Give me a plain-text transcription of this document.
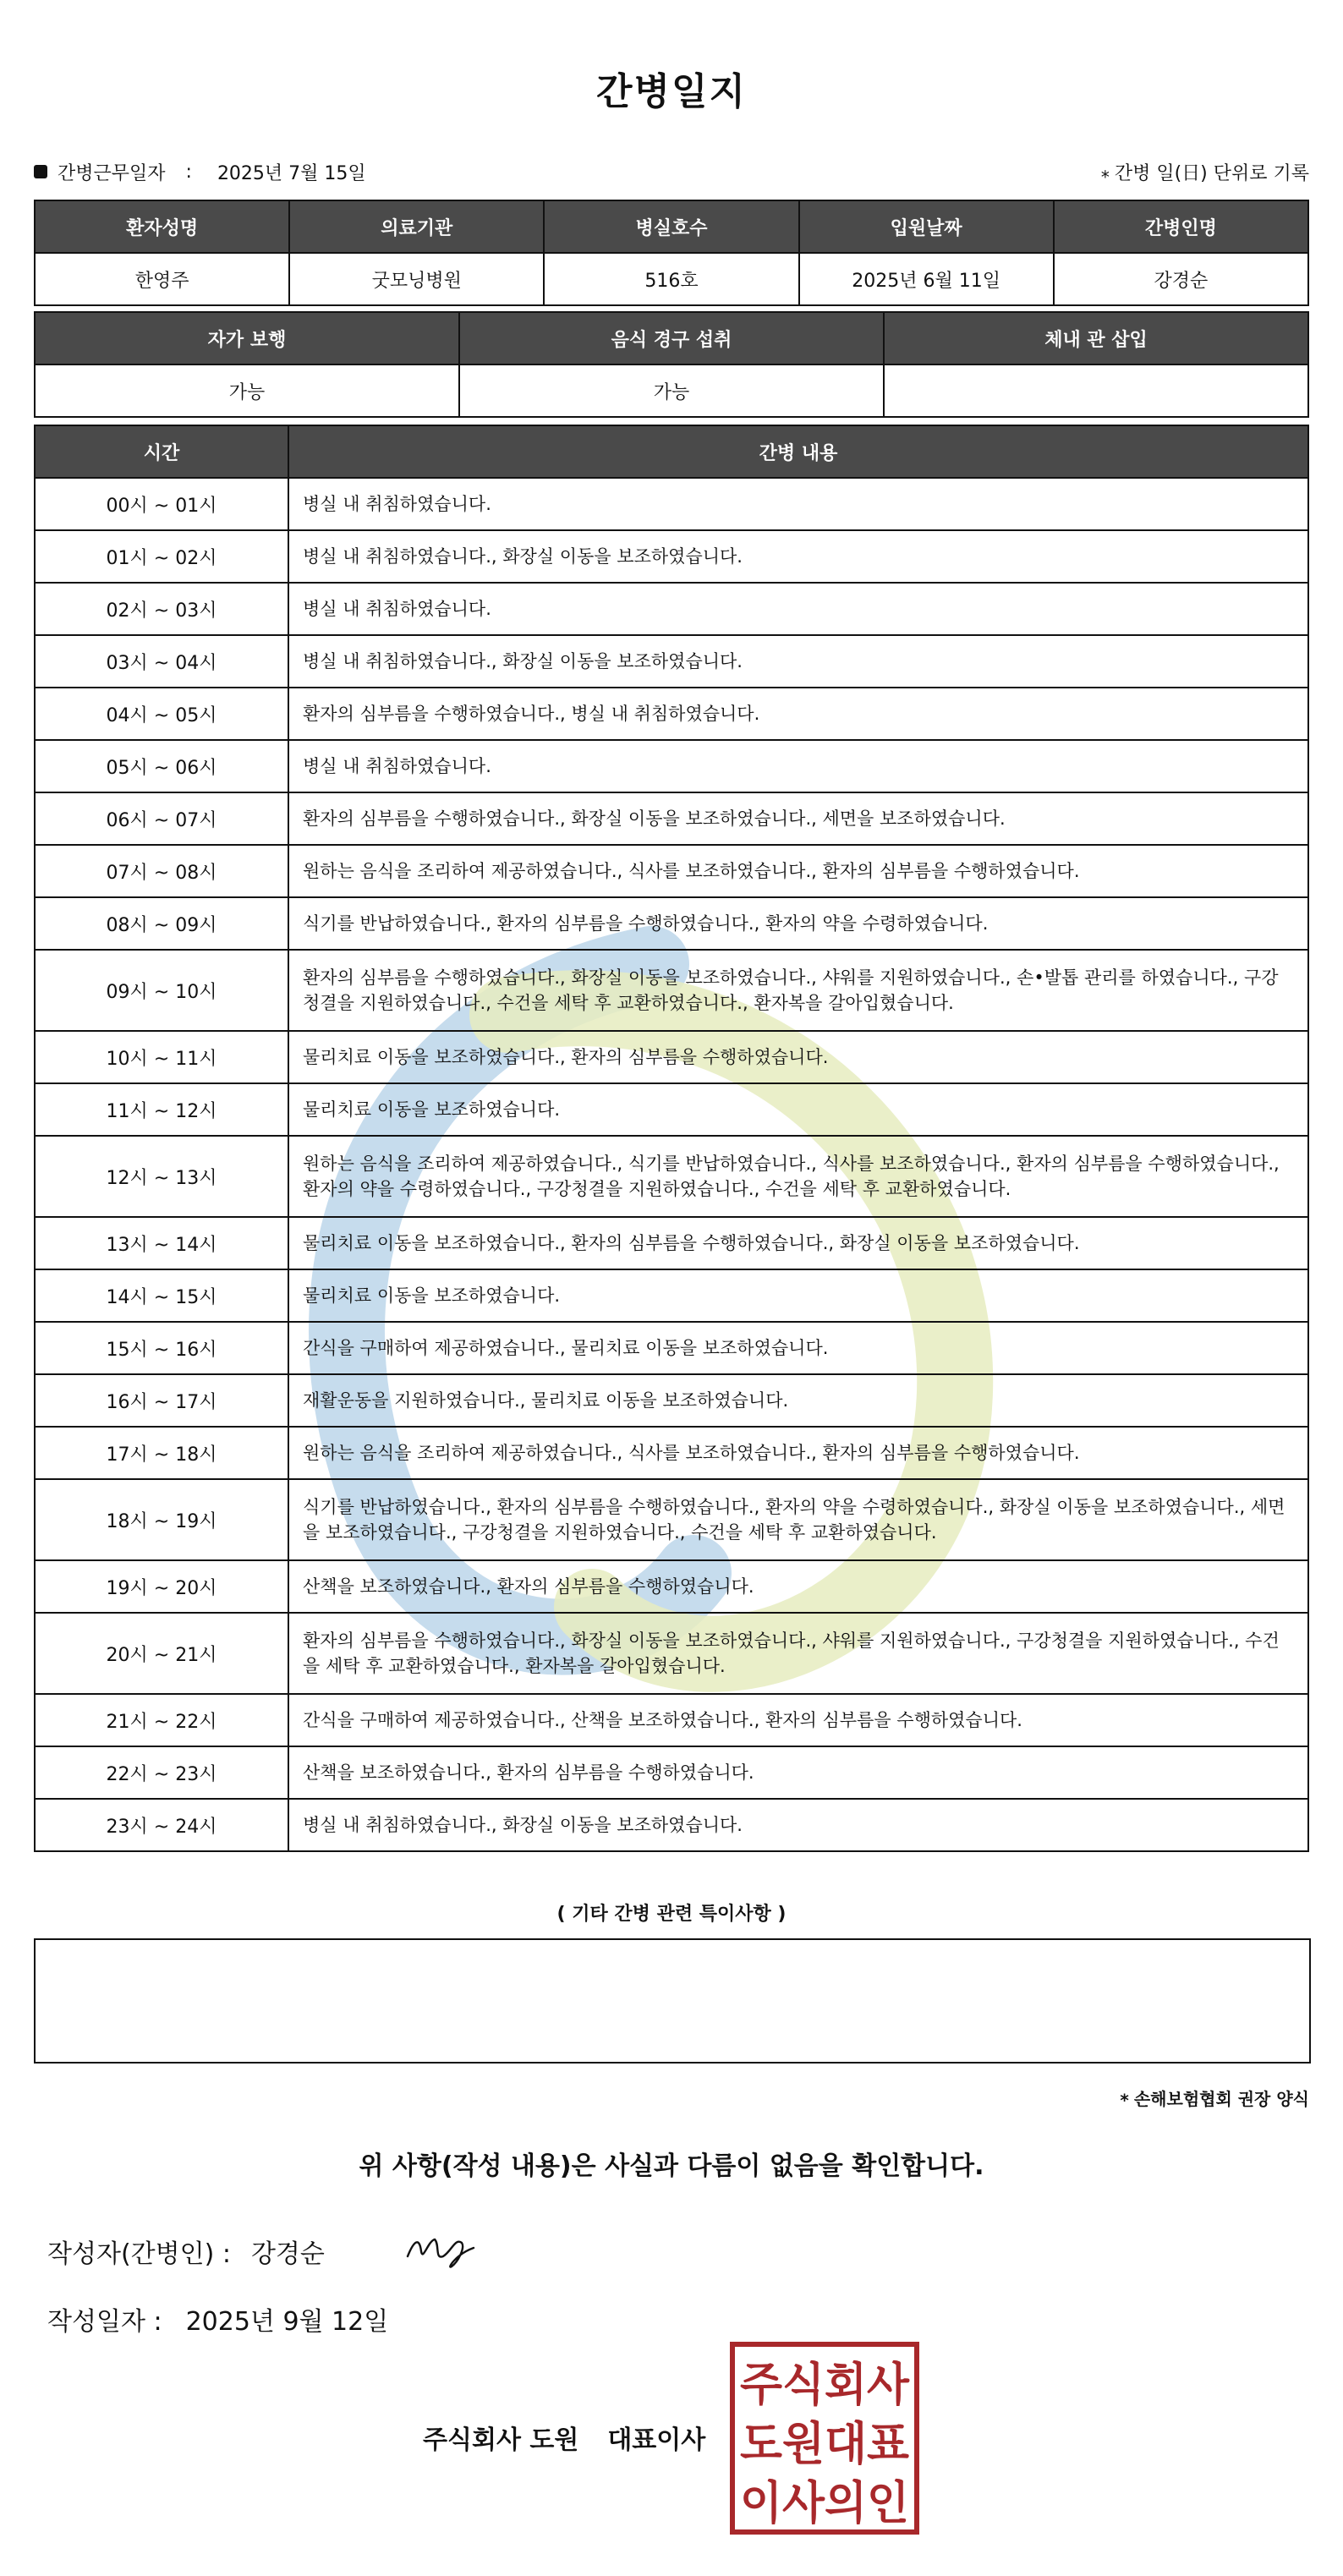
간병일지
간병근무일자 : 2025년 7월 15일	⁎ 간병 일(日) 단위로 기록
환자성명	의료기관	병실호수	입원날짜	간병인명
한영주	굿모닝병원	516호	2025년 6월 11일	강경순
자가 보행	음식 경구 섭취	체내 관 삽입
가능	가능	
시간	간병 내용
00시 ~ 01시	병실 내 취침하였습니다.
01시 ~ 02시	병실 내 취침하였습니다., 화장실 이동을 보조하였습니다.
02시 ~ 03시	병실 내 취침하였습니다.
03시 ~ 04시	병실 내 취침하였습니다., 화장실 이동을 보조하였습니다.
04시 ~ 05시	환자의 심부름을 수행하였습니다., 병실 내 취침하였습니다.
05시 ~ 06시	병실 내 취침하였습니다.
06시 ~ 07시	환자의 심부름을 수행하였습니다., 화장실 이동을 보조하였습니다., 세면을 보조하였습니다.
07시 ~ 08시	원하는 음식을 조리하여 제공하였습니다., 식사를 보조하였습니다., 환자의 심부름을 수행하였습니다.
08시 ~ 09시	식기를 반납하였습니다., 환자의 심부름을 수행하였습니다., 환자의 약을 수령하였습니다.
09시 ~ 10시	환자의 심부름을 수행하였습니다., 화장실 이동을 보조하였습니다., 샤워를 지원하였습니다., 손•발톱 관리를 하였습니다., 구강청결을 지원하였습니다., 수건을 세탁 후 교환하였습니다., 환자복을 갈아입혔습니다.
10시 ~ 11시	물리치료 이동을 보조하였습니다., 환자의 심부름을 수행하였습니다.
11시 ~ 12시	물리치료 이동을 보조하였습니다.
12시 ~ 13시	원하는 음식을 조리하여 제공하였습니다., 식기를 반납하였습니다., 식사를 보조하였습니다., 환자의 심부름을 수행하였습니다., 환자의 약을 수령하였습니다., 구강청결을 지원하였습니다., 수건을 세탁 후 교환하였습니다.
13시 ~ 14시	물리치료 이동을 보조하였습니다., 환자의 심부름을 수행하였습니다., 화장실 이동을 보조하였습니다.
14시 ~ 15시	물리치료 이동을 보조하였습니다.
15시 ~ 16시	간식을 구매하여 제공하였습니다., 물리치료 이동을 보조하였습니다.
16시 ~ 17시	재활운동을 지원하였습니다., 물리치료 이동을 보조하였습니다.
17시 ~ 18시	원하는 음식을 조리하여 제공하였습니다., 식사를 보조하였습니다., 환자의 심부름을 수행하였습니다.
18시 ~ 19시	식기를 반납하였습니다., 환자의 심부름을 수행하였습니다., 환자의 약을 수령하였습니다., 화장실 이동을 보조하였습니다., 세면을 보조하였습니다., 구강청결을 지원하였습니다., 수건을 세탁 후 교환하였습니다.
19시 ~ 20시	산책을 보조하였습니다., 환자의 심부름을 수행하였습니다.
20시 ~ 21시	환자의 심부름을 수행하였습니다., 화장실 이동을 보조하였습니다., 샤워를 지원하였습니다., 구강청결을 지원하였습니다., 수건을 세탁 후 교환하였습니다., 환자복을 갈아입혔습니다.
21시 ~ 22시	간식을 구매하여 제공하였습니다., 산책을 보조하였습니다., 환자의 심부름을 수행하였습니다.
22시 ~ 23시	산책을 보조하였습니다., 환자의 심부름을 수행하였습니다.
23시 ~ 24시	병실 내 취침하였습니다., 화장실 이동을 보조하였습니다.
( 기타 간병 관련 특이사항 )
⁎ 손해보험협회 권장 양식
위 사항(작성 내용)은 사실과 다름이 없음을 확인합니다.
작성자(간병인) : 강경순
작성일자 : 2025년 9월 12일
주식회사 도원 대표이사
주식회사
도원대표
이사의인
